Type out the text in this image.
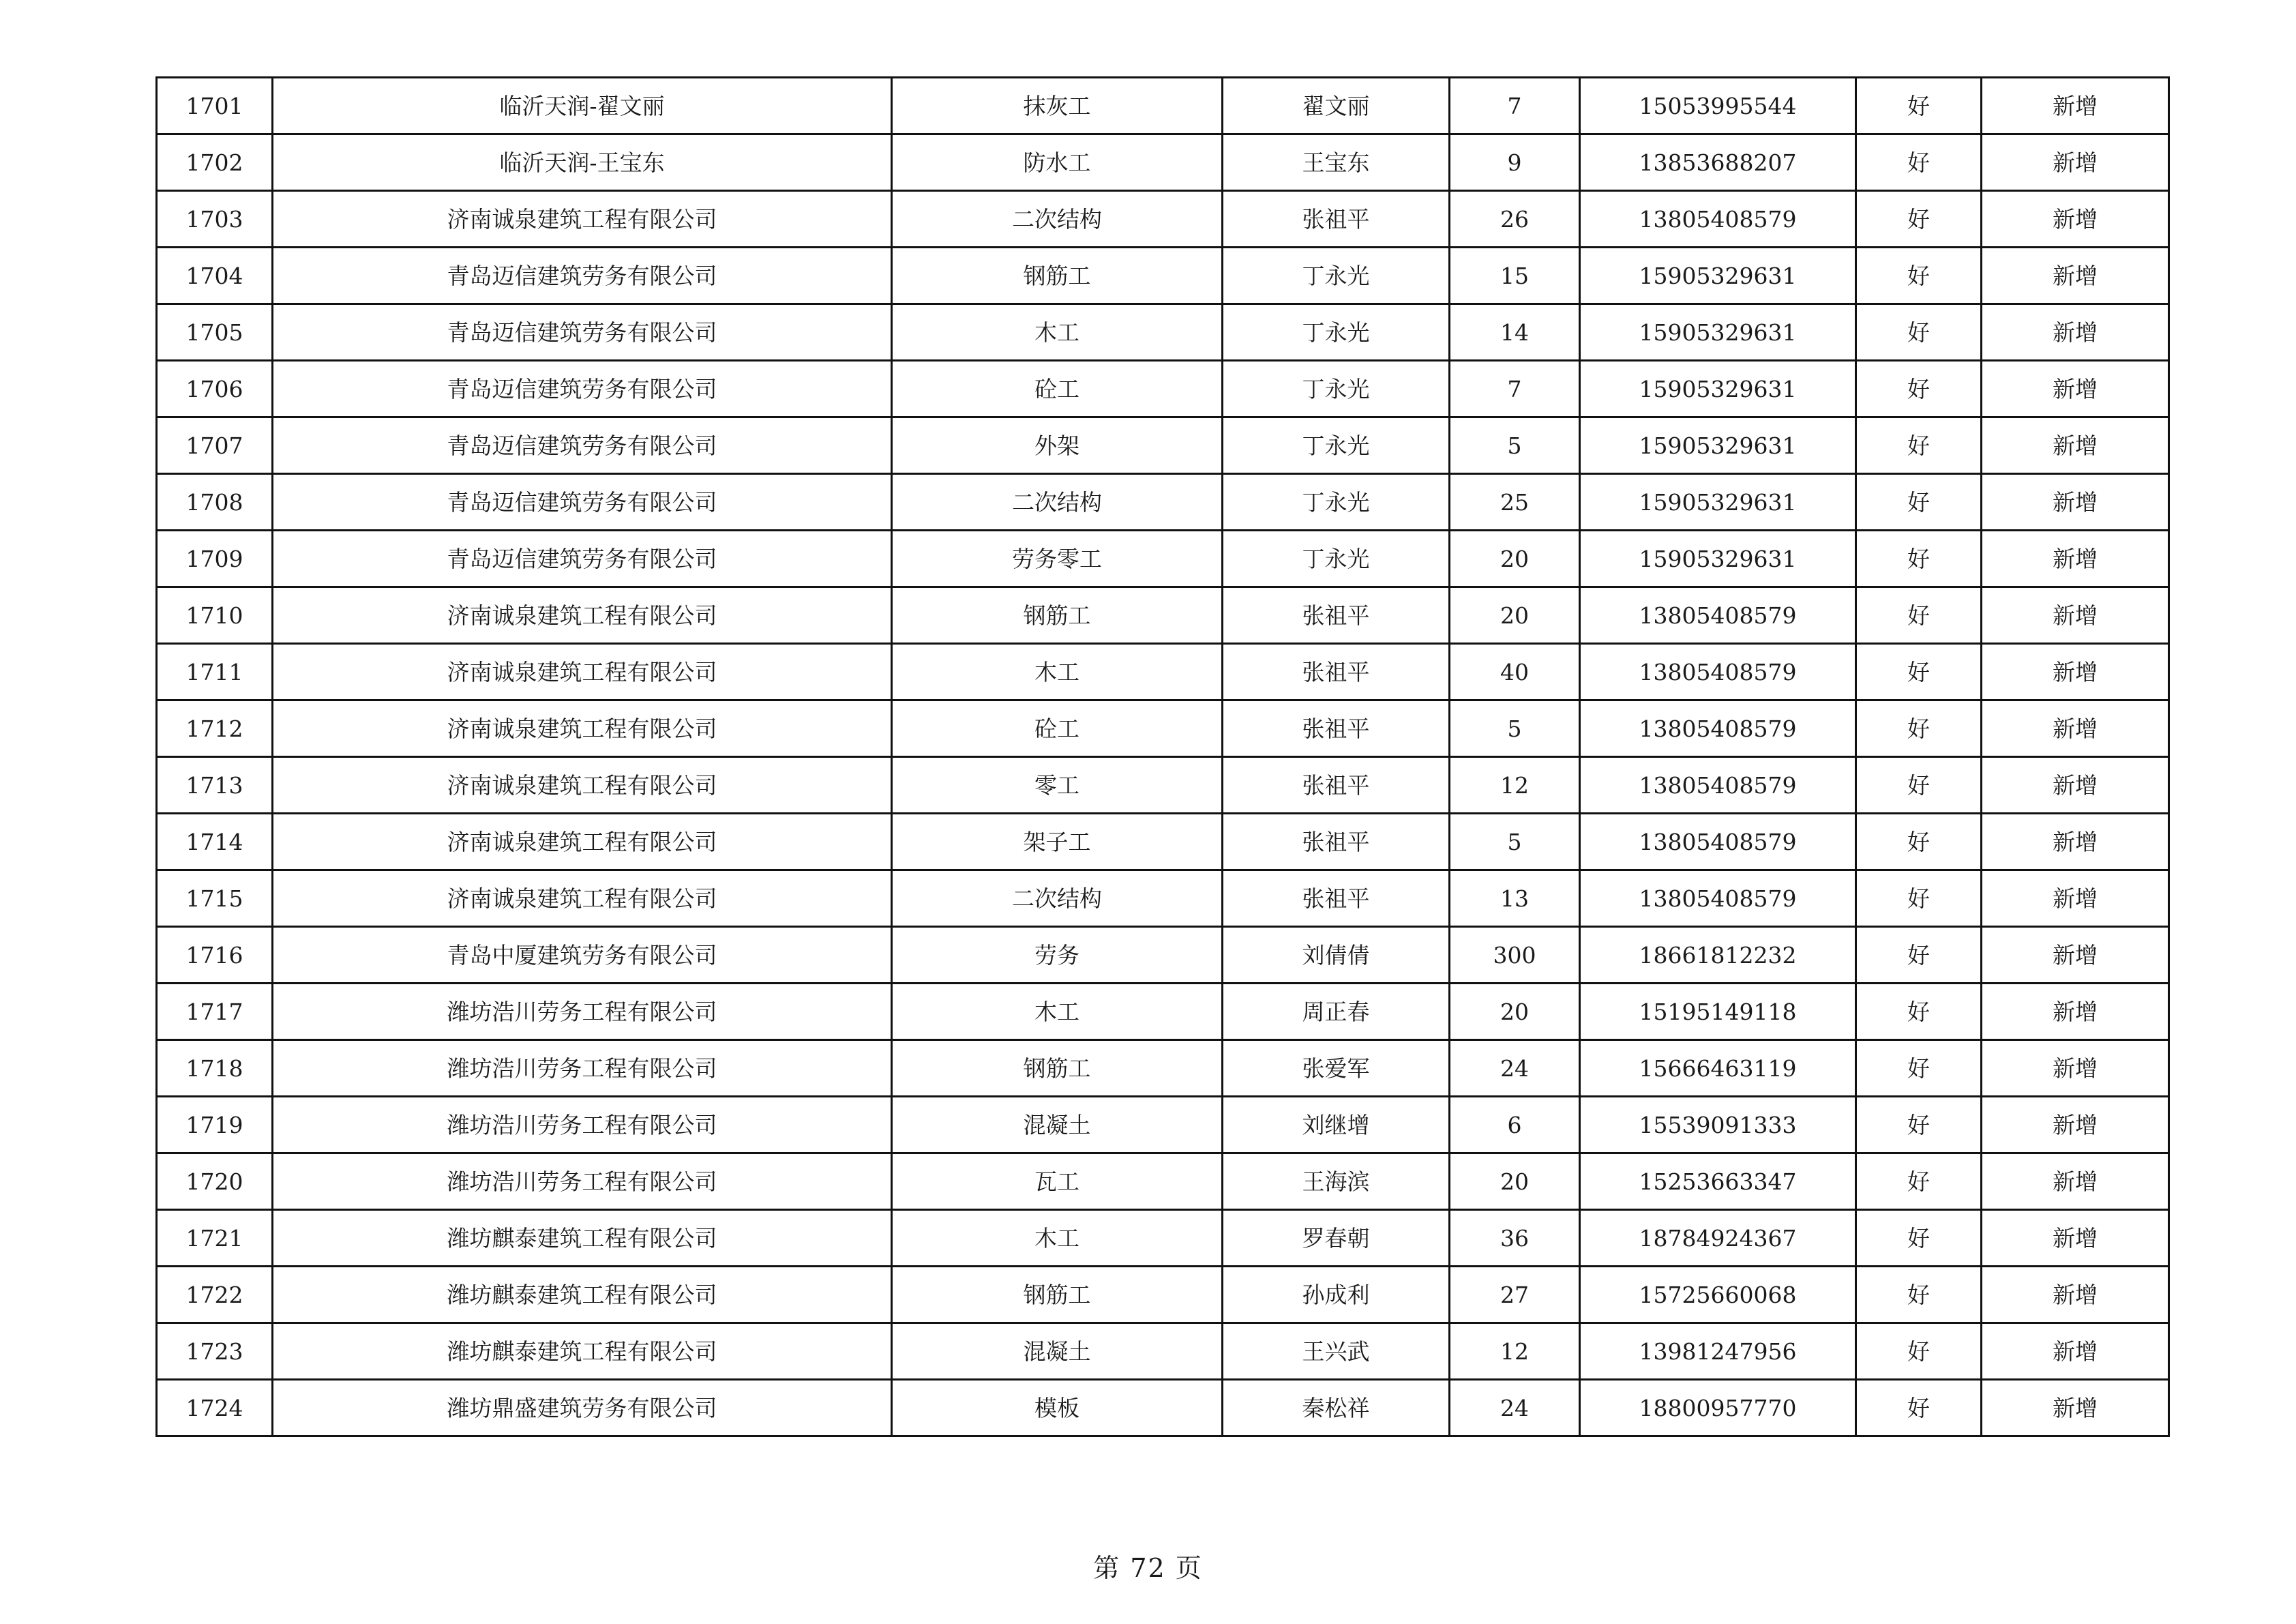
1701	临沂天润-翟文丽	抹灰工	翟文丽	7	15053995544	好	新增
1702	临沂天润-王宝东	防水工	王宝东	9	13853688207	好	新增
1703	济南诚泉建筑工程有限公司	二次结构	张祖平	26	13805408579	好	新增
1704	青岛迈信建筑劳务有限公司	钢筋工	丁永光	15	15905329631	好	新增
1705	青岛迈信建筑劳务有限公司	木工	丁永光	14	15905329631	好	新增
1706	青岛迈信建筑劳务有限公司	砼工	丁永光	7	15905329631	好	新增
1707	青岛迈信建筑劳务有限公司	外架	丁永光	5	15905329631	好	新增
1708	青岛迈信建筑劳务有限公司	二次结构	丁永光	25	15905329631	好	新增
1709	青岛迈信建筑劳务有限公司	劳务零工	丁永光	20	15905329631	好	新增
1710	济南诚泉建筑工程有限公司	钢筋工	张祖平	20	13805408579	好	新增
1711	济南诚泉建筑工程有限公司	木工	张祖平	40	13805408579	好	新增
1712	济南诚泉建筑工程有限公司	砼工	张祖平	5	13805408579	好	新增
1713	济南诚泉建筑工程有限公司	零工	张祖平	12	13805408579	好	新增
1714	济南诚泉建筑工程有限公司	架子工	张祖平	5	13805408579	好	新增
1715	济南诚泉建筑工程有限公司	二次结构	张祖平	13	13805408579	好	新增
1716	青岛中厦建筑劳务有限公司	劳务	刘倩倩	300	18661812232	好	新增
1717	潍坊浩川劳务工程有限公司	木工	周正春	20	15195149118	好	新增
1718	潍坊浩川劳务工程有限公司	钢筋工	张爱军	24	15666463119	好	新增
1719	潍坊浩川劳务工程有限公司	混凝土	刘继增	6	15539091333	好	新增
1720	潍坊浩川劳务工程有限公司	瓦工	王海滨	20	15253663347	好	新增
1721	潍坊麒泰建筑工程有限公司	木工	罗春朝	36	18784924367	好	新增
1722	潍坊麒泰建筑工程有限公司	钢筋工	孙成利	27	15725660068	好	新增
1723	潍坊麒泰建筑工程有限公司	混凝土	王兴武	12	13981247956	好	新增
1724	潍坊鼎盛建筑劳务有限公司	模板	秦松祥	24	18800957770	好	新增
第 72 页
